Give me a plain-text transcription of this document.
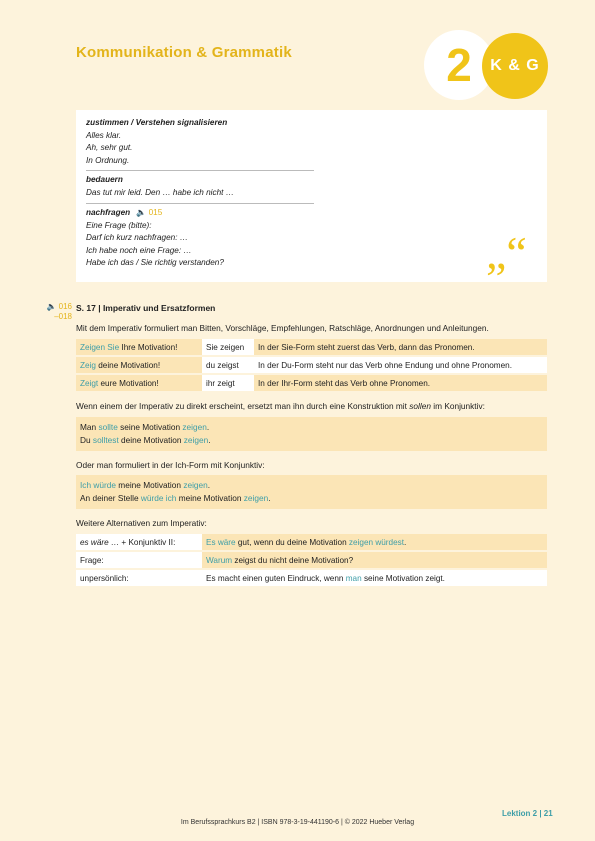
Kommunikation & Grammatik	2	K & G
zustimmen / Verstehen signalisieren
Alles klar.
Ah, sehr gut.
In Ordnung.
bedauern
Das tut mir leid. Den … habe ich nicht …
nachfragen 🔈 015
Eine Frage (bitte):
Darf ich kurz nachfragen: …
Ich habe noch eine Frage: …
Habe ich das / Sie richtig verstanden?	„“
🔈 016
–018
S. 17 | Imperativ und Ersatzformen
Mit dem Imperativ formuliert man Bitten, Vorschläge, Empfehlungen, Ratschläge, Anordnungen und Anleitungen.
Zeigen Sie Ihre Motivation!	Sie zeigen	In der Sie-Form steht zuerst das Verb, dann das Pronomen.
Zeig deine Motivation!	du zeigst	In der Du-Form steht nur das Verb ohne Endung und ohne Pronomen.
Zeigt eure Motivation!	ihr zeigt	In der Ihr-Form steht das Verb ohne Pronomen.
Wenn einem der Imperativ zu direkt erscheint, ersetzt man ihn durch eine Konstruktion mit sollen im Konjunktiv:
Man sollte seine Motivation zeigen.
Du solltest deine Motivation zeigen.
Oder man formuliert in der Ich-Form mit Konjunktiv:
Ich würde meine Motivation zeigen.
An deiner Stelle würde ich meine Motivation zeigen.
Weitere Alternativen zum Imperativ:
es wäre … + Konjunktiv II:	Es wäre gut, wenn du deine Motivation zeigen würdest.
Frage:	Warum zeigst du nicht deine Motivation?
unpersönlich:	Es macht einen guten Eindruck, wenn man seine Motivation zeigt.
Lektion 2 | 21
Im Berufssprachkurs B2 | ISBN 978-3-19-441190-6 | © 2022 Hueber Verlag
